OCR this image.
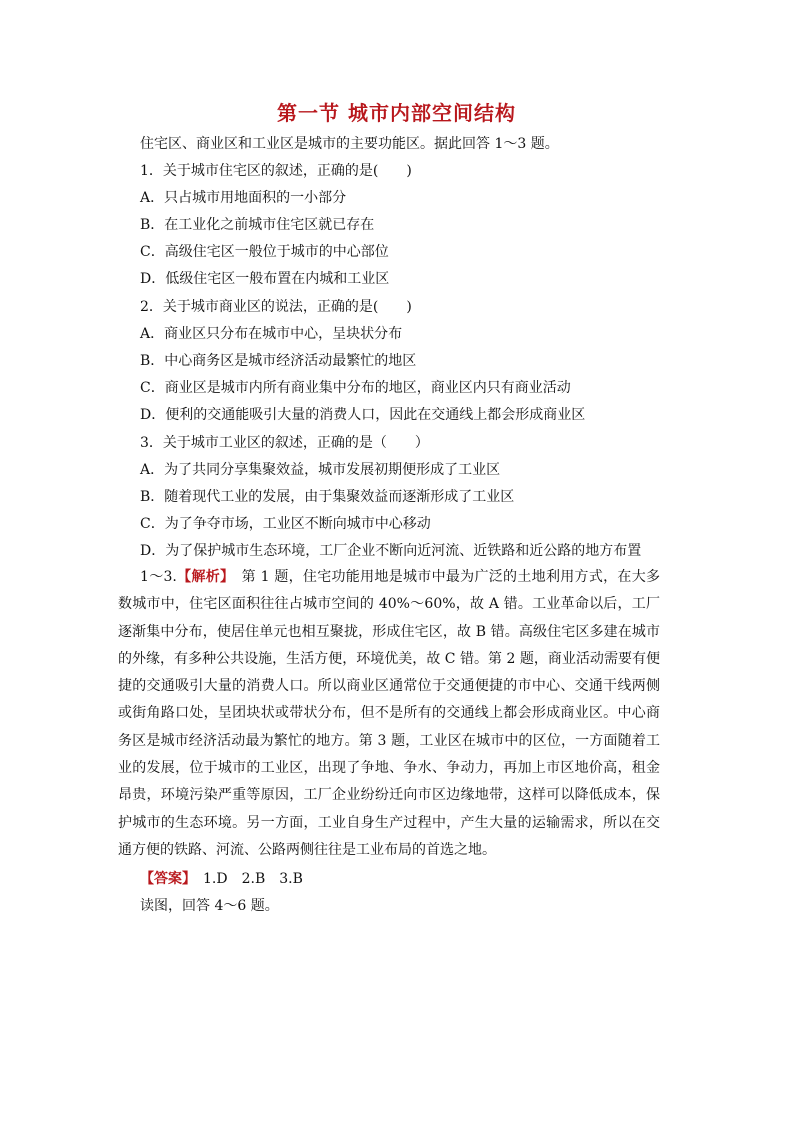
第一节 城市内部空间结构
住宅区、商业区和工业区是城市的主要功能区。据此回答 1～3 题。
1．关于城市住宅区的叙述，正确的是(　　)
A．只占城市用地面积的一小部分
B．在工业化之前城市住宅区就已存在
C．高级住宅区一般位于城市的中心部位
D．低级住宅区一般布置在内城和工业区
2．关于城市商业区的说法，正确的是(　　)
A．商业区只分布在城市中心，呈块状分布
B．中心商务区是城市经济活动最繁忙的地区
C．商业区是城市内所有商业集中分布的地区，商业区内只有商业活动
D．便利的交通能吸引大量的消费人口，因此在交通线上都会形成商业区
3．关于城市工业区的叙述，正确的是（　　）
A．为了共同分享集聚效益，城市发展初期便形成了工业区
B．随着现代工业的发展，由于集聚效益而逐渐形成了工业区
C．为了争夺市场，工业区不断向城市中心移动
D．为了保护城市生态环境，工厂企业不断向近河流、近铁路和近公路的地方布置
1～3.【解析】　第 1 题，住宅功能用地是城市中最为广泛的土地利用方式，在大多数城市中，住宅区面积往往占城市空间的 40%～60%，故 A 错。工业革命以后，工厂逐渐集中分布，使居住单元也相互聚拢，形成住宅区，故 B 错。高级住宅区多建在城市的外缘，有多种公共设施，生活方便，环境优美，故 C 错。第 2 题，商业活动需要有便捷的交通吸引大量的消费人口。所以商业区通常位于交通便捷的市中心、交通干线两侧或街角路口处，呈团块状或带状分布，但不是所有的交通线上都会形成商业区。中心商务区是城市经济活动最为繁忙的地方。第 3 题，工业区在城市中的区位，一方面随着工业的发展，位于城市的工业区，出现了争地、争水、争动力，再加上市区地价高，租金昂贵，环境污染严重等原因，工厂企业纷纷迁向市区边缘地带，这样可以降低成本，保护城市的生态环境。另一方面，工业自身生产过程中，产生大量的运输需求，所以在交通方便的铁路、河流、公路两侧往往是工业布局的首选之地。
【答案】　1.D　2.B　3.B
读图，回答 4～6 题。
